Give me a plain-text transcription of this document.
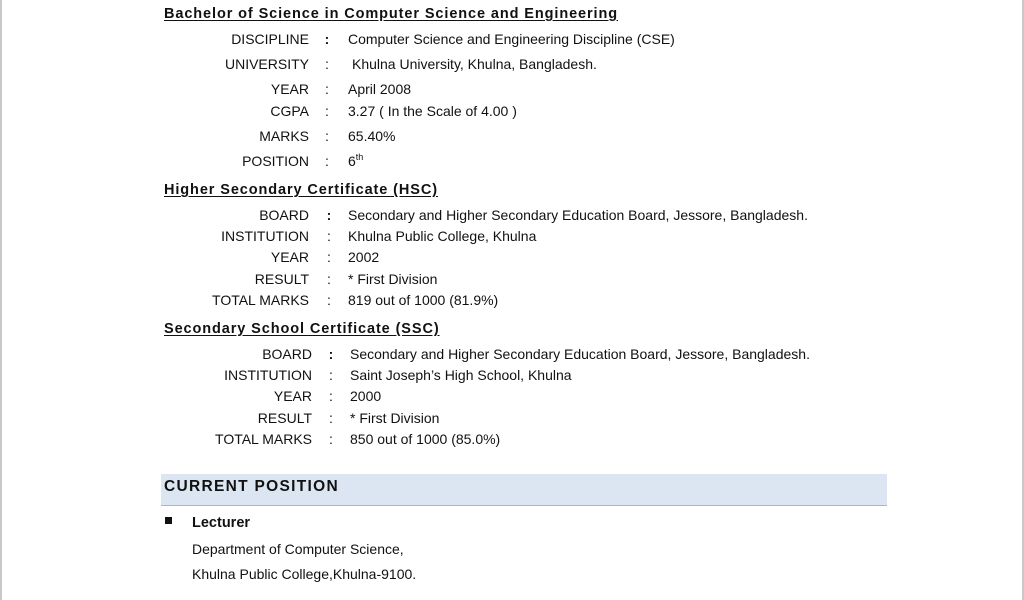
Bachelor of Science in Computer Science and Engineering
DISCIPLINE : Computer Science and Engineering Discipline (CSE)
UNIVERSITY : Khulna University, Khulna, Bangladesh.
YEAR : April 2008
CGPA : 3.27 ( In the Scale of 4.00 )
MARKS : 65.40%
POSITION : 6th
Higher Secondary Certificate (HSC)
BOARD : Secondary and Higher Secondary Education Board, Jessore, Bangladesh.
INSTITUTION : Khulna Public College, Khulna
YEAR : 2002
RESULT : * First Division
TOTAL MARKS : 819 out of 1000 (81.9%)
Secondary School Certificate (SSC)
BOARD : Secondary and Higher Secondary Education Board, Jessore, Bangladesh.
INSTITUTION : Saint Joseph’s High School, Khulna
YEAR : 2000
RESULT : * First Division
TOTAL MARKS : 850 out of 1000 (85.0%)
CURRENT POSITION
Lecturer
Department of Computer Science,
Khulna Public College,Khulna-9100.
